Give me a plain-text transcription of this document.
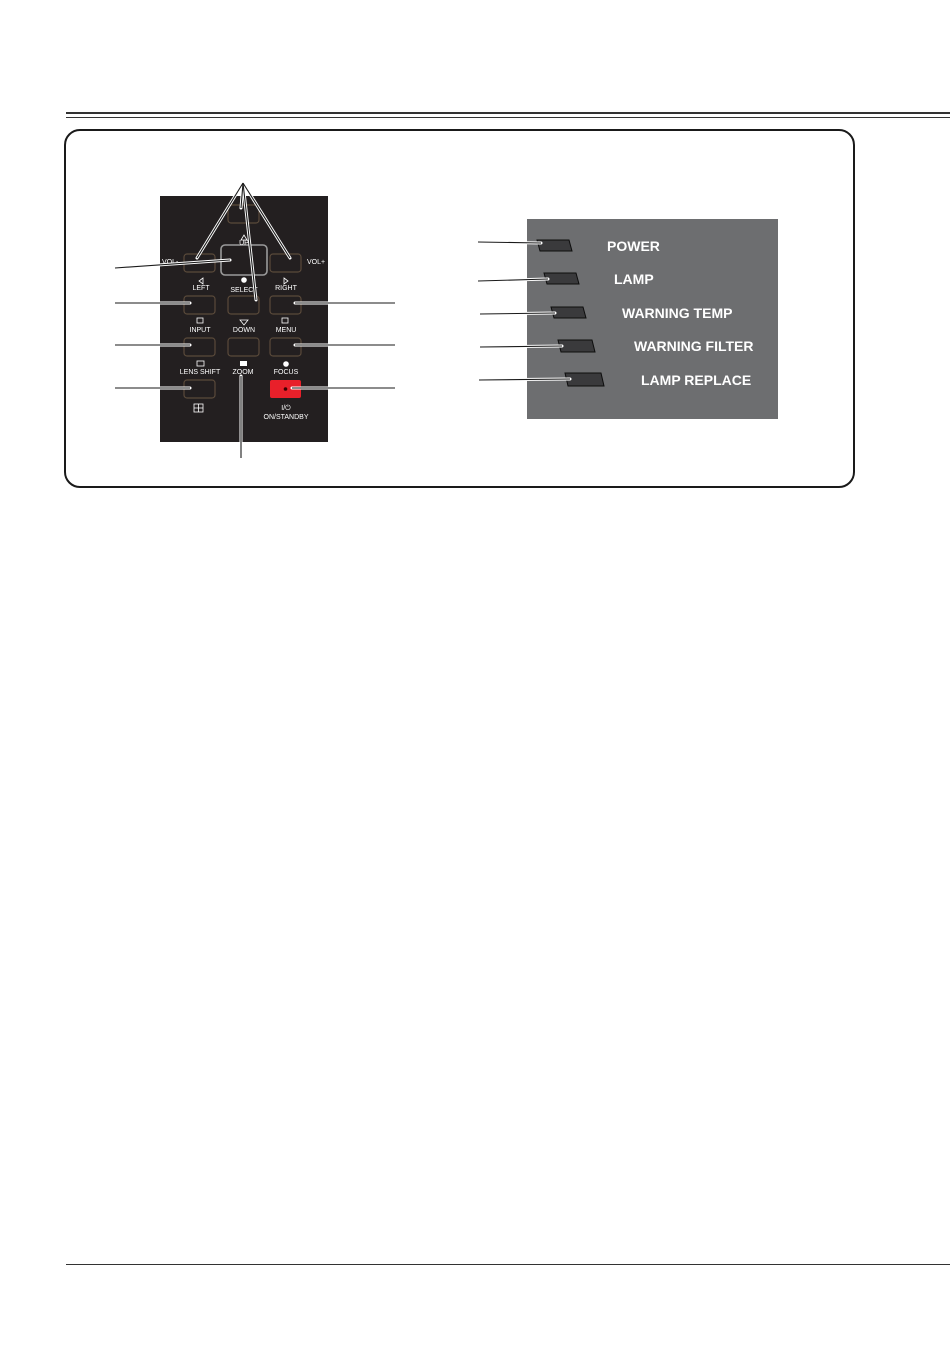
VOL-	VOL+
UP
LEFT	SELECT RIGHT
INPUT	DOWN	MENU
LENS SHIFT ZOOM	FOCUS
I/⏻
ON/STANDBY
POWER
LAMP
WARNING TEMP
WARNING FILTER
LAMP REPLACE
